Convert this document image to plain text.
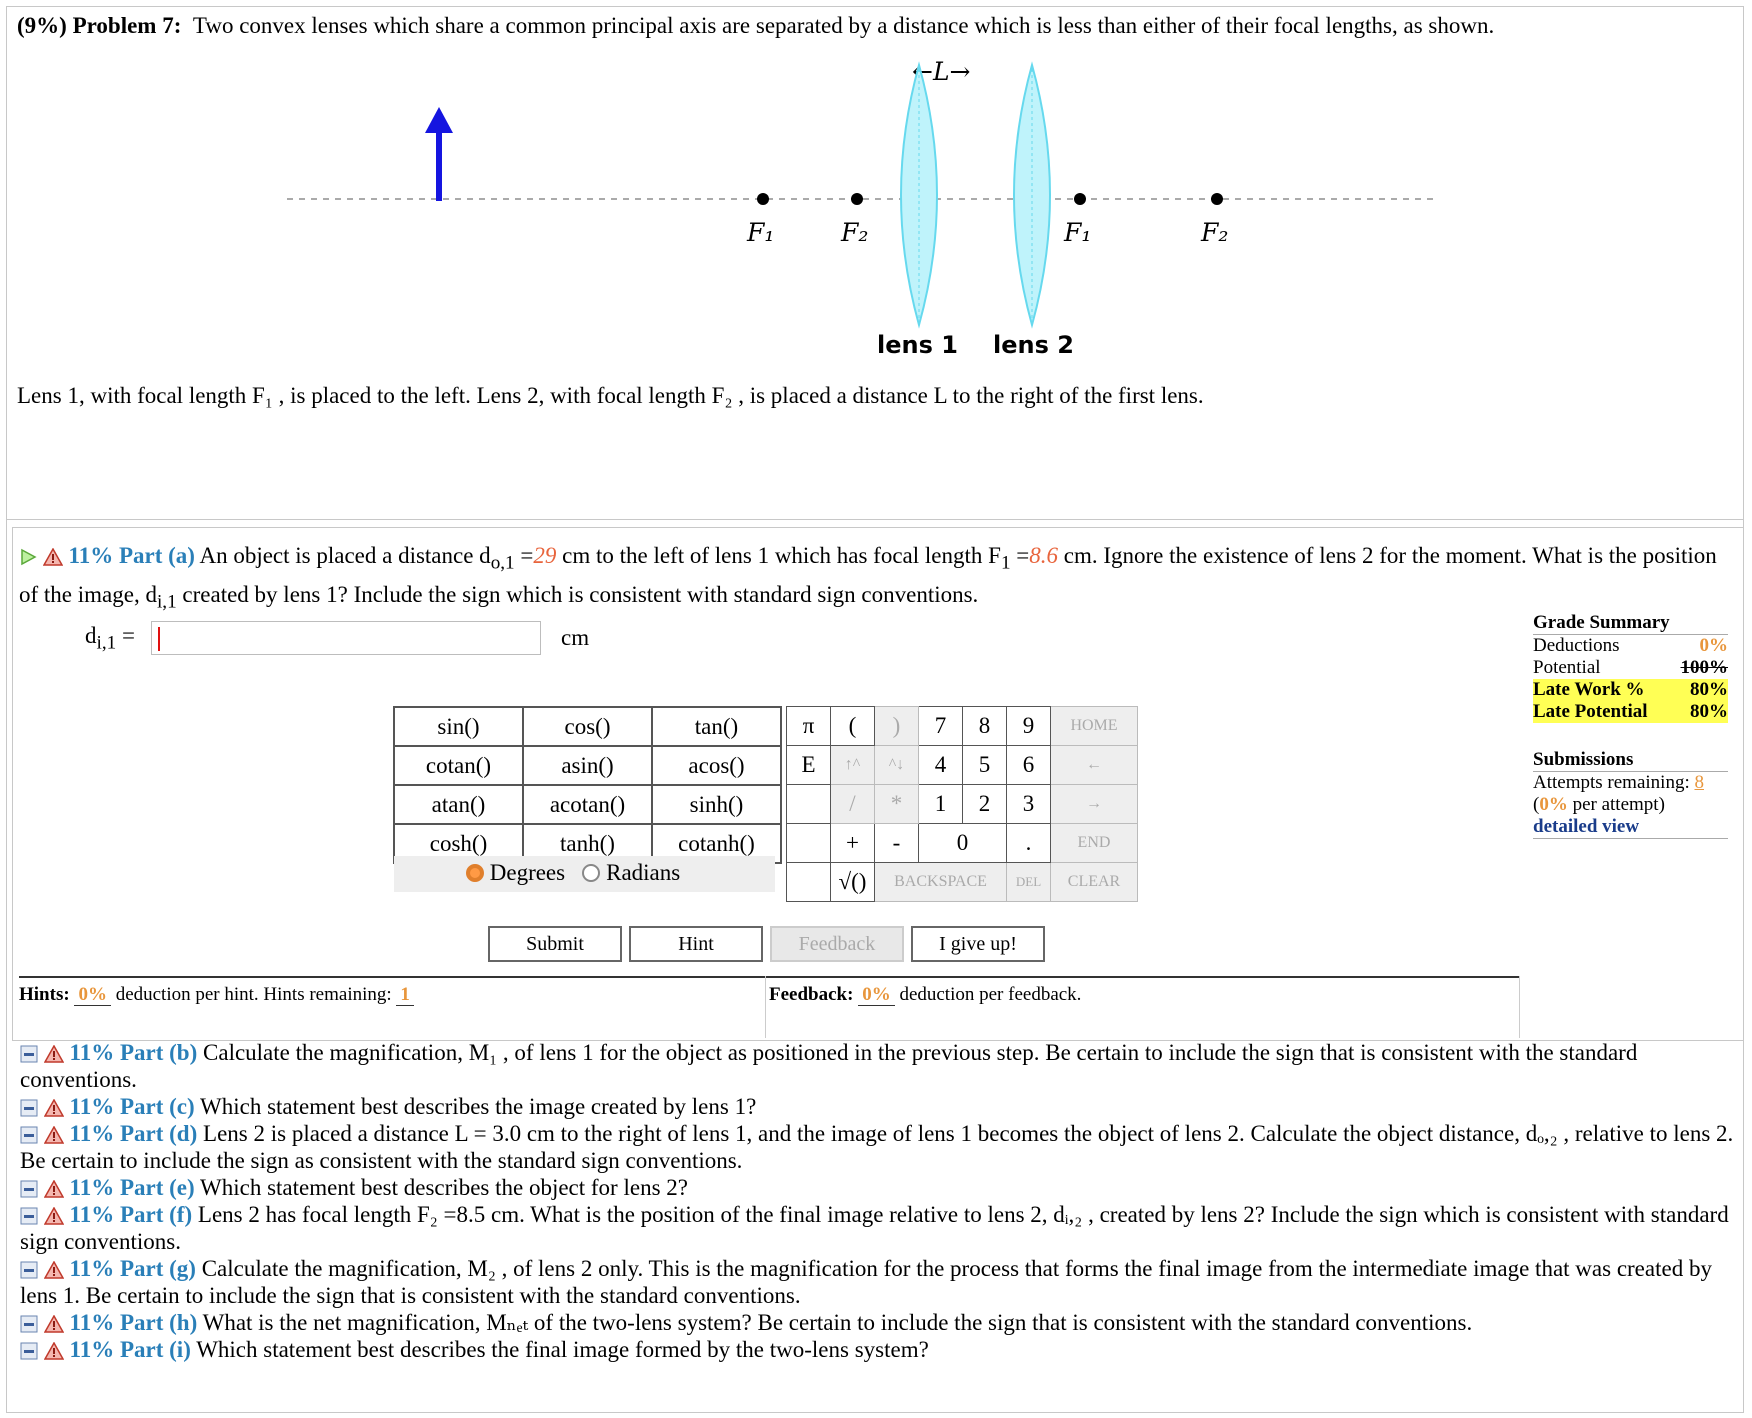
(9%) Problem 7: Two convex lenses which share a common principal axis are separated by a distance which is less than either of their focal lengths, as shown.
←L→
F₁	F₂	F₁	F₂
lens 1 lens 2
Lens 1, with focal length F₁ , is placed to the left. Lens 2, with focal length F₂ , is placed a distance L to the right of the first lens.
11% Part (a) An object is placed a distance $d_{o,1} =29$ cm to the left of lens 1 which has focal length $F_1 =8.6$ cm. Ignore the existence of lens 2 for the moment. What is the position of the image, $d_{i,1}$ created by lens 1? Include the sign which is consistent with standard sign conventions.
$d_{i,1}$ =	cm
sin()	cos()	tan()
cotan()	asin()	acos()
atan()	acotan()	sinh()
cosh()	tanh()	cotanh()
Degrees Radians
π	(	)	7	8	9	HOME
E	↑^	^↓	4	5	6	←
	/	*	1	2	3	→
	+	-	0		.	END
	√()	BACKSPACE			DEL	CLEAR
Submit	Hint	Feedback	I give up!
Hints: 0% deduction per hint. Hints remaining: 1	Feedback: 0% deduction per feedback.
Grade Summary
Deductions	0%
Potential	100%
Late Work % 80%
Late Potential 80%
Submissions
Attempts remaining: 8
(0% per attempt)
detailed view
11% Part (b) Calculate the magnification, M₁ , of lens 1 for the object as positioned in the previous step. Be certain to include the sign that is consistent with the standard conventions.
11% Part (c) Which statement best describes the image created by lens 1?
11% Part (d) Lens 2 is placed a distance L = 3.0 cm to the right of lens 1, and the image of lens 1 becomes the object of lens 2. Calculate the object distance, dₒ,₂ , relative to lens 2. Be certain to include the sign as consistent with the standard sign conventions.
11% Part (e) Which statement best describes the object for lens 2?
11% Part (f) Lens 2 has focal length F₂ =8.5 cm. What is the position of the final image relative to lens 2, dᵢ,₂ , created by lens 2? Include the sign which is consistent with standard sign conventions.
11% Part (g) Calculate the magnification, M₂ , of lens 2 only. This is the magnification for the process that forms the final image from the intermediate image that was created by lens 1. Be certain to include the sign that is consistent with the standard conventions.
11% Part (h) What is the net magnification, Mₙₑₜ of the two-lens system? Be certain to include the sign that is consistent with the standard conventions.
11% Part (i) Which statement best describes the final image formed by the two-lens system?
